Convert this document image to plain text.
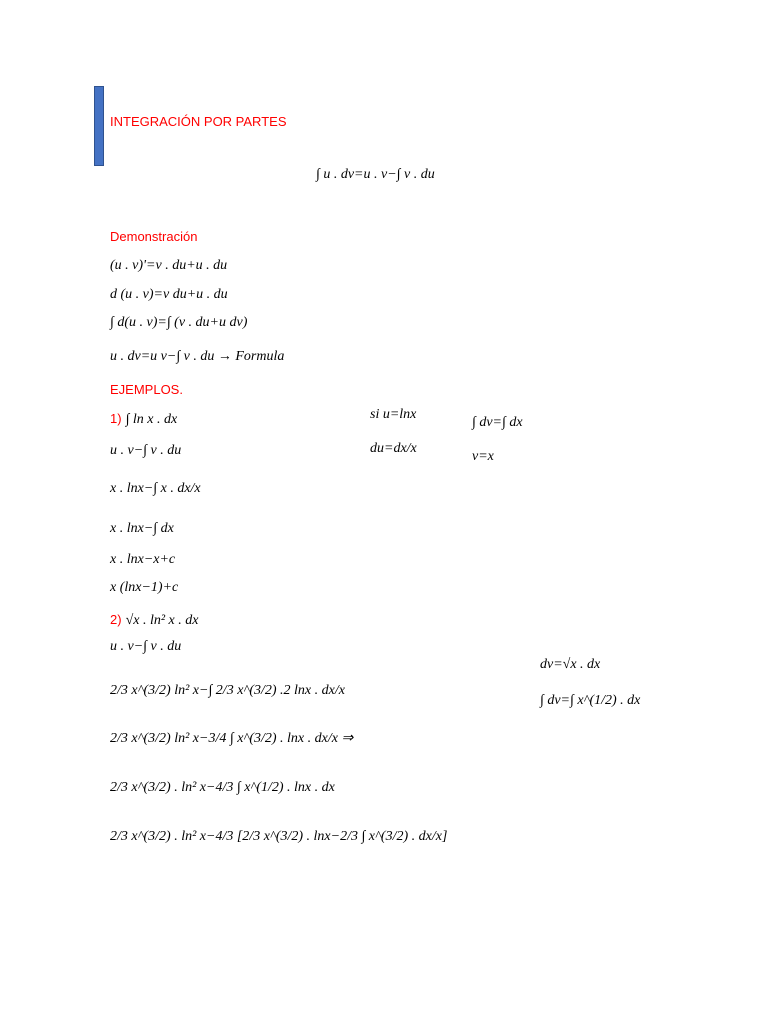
INTEGRACIÓN POR PARTES
∫ u . dv=u . v−∫ v . du
Demonstración
(u . v)'=v . du+u . du
d (u . v)=v du+u . du
∫ d(u . v)=∫ (v . du+u dv)
u . dv=u v−∫ v . du → Formula
EJEMPLOS.
1) ∫ ln x . dx
u . v−∫ v . du
x . lnx−∫ x . dx/x
x . lnx−∫ dx
x . lnx−x+c
x (lnx−1)+c
si u=lnx
du=dx/x
∫ dv=∫ dx
v=x
2) √x . ln² x . dx
u . v−∫ v . du
2/3 x^(3/2) ln² x−∫ 2/3 x^(3/2) .2 lnx . dx/x
2/3 x^(3/2) ln² x−3/4 ∫ x^(3/2) . lnx . dx/x ⇒
2/3 x^(3/2) . ln² x−4/3 ∫ x^(1/2) . lnx . dx
2/3 x^(3/2) . ln² x−4/3 [2/3 x^(3/2) . lnx−2/3 ∫ x^(3/2) . dx/x]
dv=√x . dx
∫ dv=∫ x^(1/2) . dx
